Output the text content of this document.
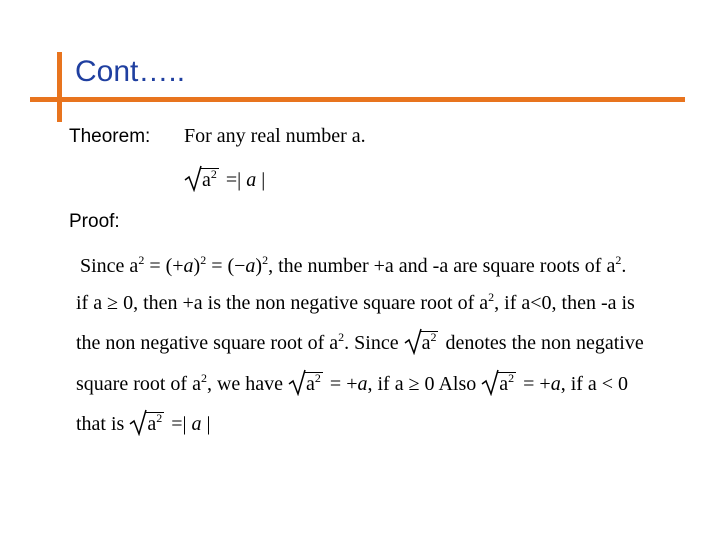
Cont…..
Theorem: For any real number a.
$a^2$ =| a |
Proof:
Since $a^2 = (+a)^2 = (-a)^2$, the number +a and -a are square roots of $a^2$.
if a ≥ 0, then +a is the non negative square root of $a^2$, if a<0, then -a is
the non negative square root of $a^2$. Since
$a^2$ denotes the non negative
square root of $a^2$, we have
$a^2 = +a$, if a ≥ 0 Also
$a^2 = +a$, if a < 0
that is
$a^2$ =| a |
